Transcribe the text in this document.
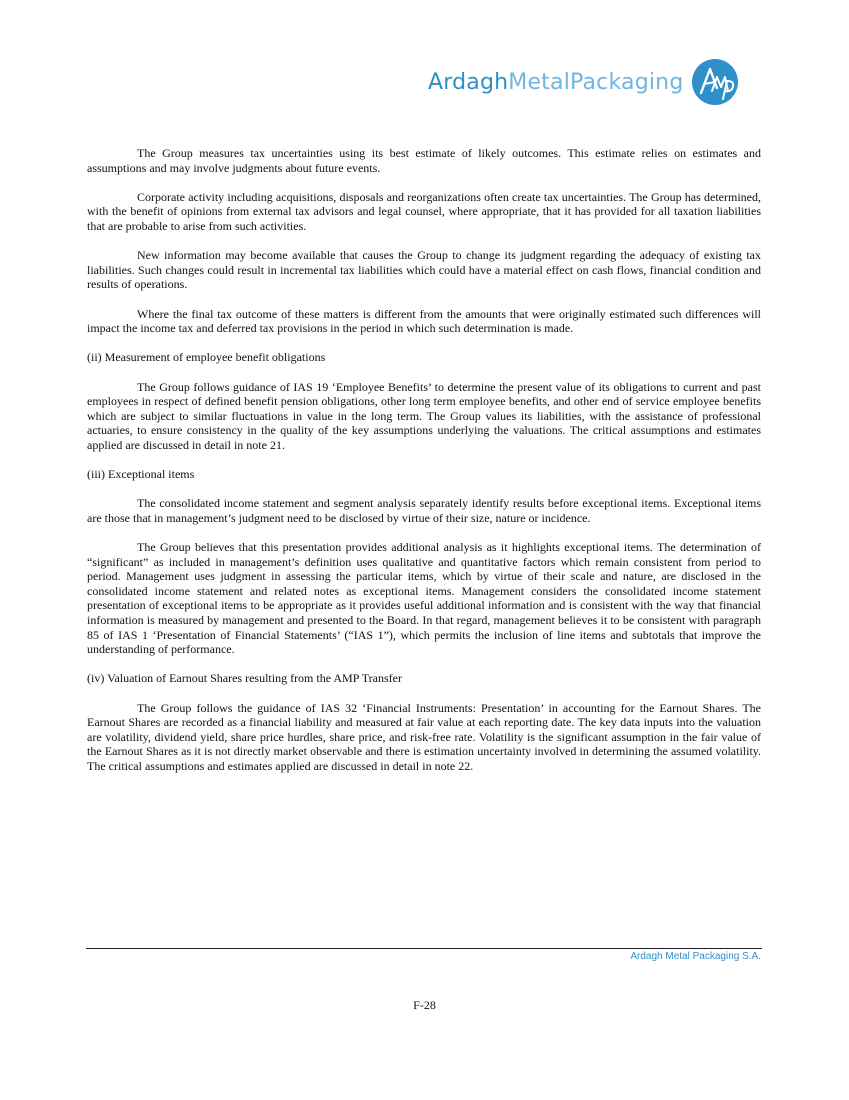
ArdaghMetalPackaging

The Group measures tax uncertainties using its best estimate of likely outcomes. This estimate relies on estimates and assumptions and may involve judgments about future events.

Corporate activity including acquisitions, disposals and reorganizations often create tax uncertainties. The Group has determined, with the benefit of opinions from external tax advisors and legal counsel, where appropriate, that it has provided for all taxation liabilities that are probable to arise from such activities.

New information may become available that causes the Group to change its judgment regarding the adequacy of existing tax liabilities. Such changes could result in incremental tax liabilities which could have a material effect on cash flows, financial condition and results of operations.

Where the final tax outcome of these matters is different from the amounts that were originally estimated such differences will impact the income tax and deferred tax provisions in the period in which such determination is made.

(ii) Measurement of employee benefit obligations

The Group follows guidance of IAS 19 ‘Employee Benefits’ to determine the present value of its obligations to current and past employees in respect of defined benefit pension obligations, other long term employee benefits, and other end of service employee benefits which are subject to similar fluctuations in value in the long term. The Group values its liabilities, with the assistance of professional actuaries, to ensure consistency in the quality of the key assumptions underlying the valuations. The critical assumptions and estimates applied are discussed in detail in note 21.

(iii) Exceptional items

The consolidated income statement and segment analysis separately identify results before exceptional items. Exceptional items are those that in management’s judgment need to be disclosed by virtue of their size, nature or incidence.

The Group believes that this presentation provides additional analysis as it highlights exceptional items. The determination of “significant” as included in management’s definition uses qualitative and quantitative factors which remain consistent from period to period. Management uses judgment in assessing the particular items, which by virtue of their scale and nature, are disclosed in the consolidated income statement and related notes as exceptional items. Management considers the consolidated income statement presentation of exceptional items to be appropriate as it provides useful additional information and is consistent with the way that financial information is measured by management and presented to the Board. In that regard, management believes it to be consistent with paragraph 85 of IAS 1 ‘Presentation of Financial Statements’ (“IAS 1”), which permits the inclusion of line items and subtotals that improve the understanding of performance.

(iv) Valuation of Earnout Shares resulting from the AMP Transfer

The Group follows the guidance of IAS 32 ‘Financial Instruments: Presentation’ in accounting for the Earnout Shares. The Earnout Shares are recorded as a financial liability and measured at fair value at each reporting date. The key data inputs into the valuation are volatility, dividend yield, share price hurdles, share price, and risk-free rate. Volatility is the significant assumption in the fair value of the Earnout Shares as it is not directly market observable and there is estimation uncertainty involved in determining the assumed volatility. The critical assumptions and estimates applied are discussed in detail in note 22.

Ardagh Metal Packaging S.A.
F-28
